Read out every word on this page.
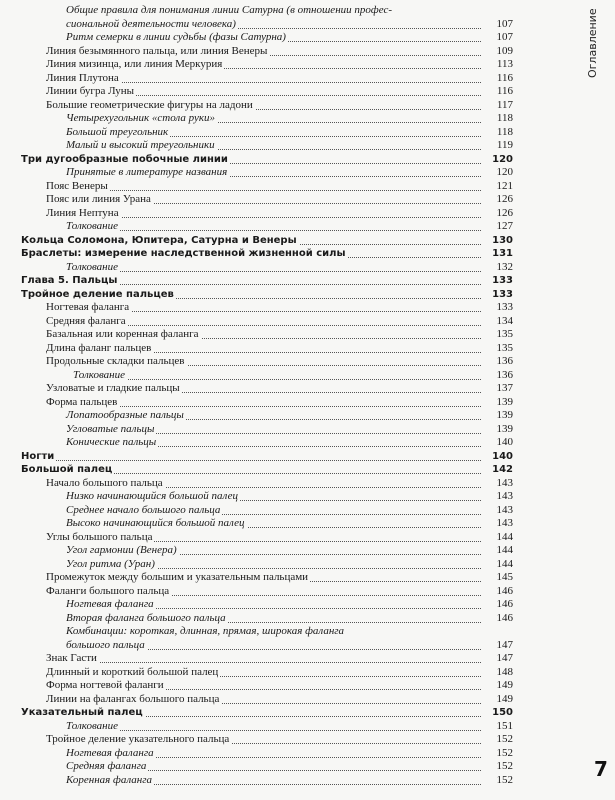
Общие правила для понимания линии Сатурна (в отношении профес-
сиональной деятельности человека)	107
Ритм семерки в линии судьбы (фазы Сатурна)	107
Линия безымянного пальца, или линия Венеры	109
Линия мизинца, или линия Меркурия	113
Линия Плутона	116
Линии бугра Луны	116
Большие геометрические фигуры на ладони	117
Четырехугольник «стола руки»	118
Большой треугольник	118
Малый и высокий треугольники	119
Три дугообразные побочные линии	120
Принятые в литературе названия	120
Пояс Венеры	121
Пояс или линия Урана	126
Линия Нептуна	126
Толкование	127
Кольца Соломона, Юпитера, Сатурна и Венеры	130
Браслеты: измерение наследственной жизненной силы	131
Толкование	132
Глава 5. Пальцы	133
Тройное деление пальцев	133
Ногтевая фаланга	133
Средняя фаланга	134
Базальная или коренная фаланга	135
Длина фаланг пальцев	135
Продольные складки пальцев	136
Толкование	136
Узловатые и гладкие пальцы	137
Форма пальцев	139
Лопатообразные пальцы	139
Угловатые пальцы	139
Конические пальцы	140
Ногти	140
Большой палец	142
Начало большого пальца	143
Низко начинающийся большой палец	143
Среднее начало большого пальца	143
Высоко начинающийся большой палец	143
Углы большого пальца	144
Угол гармонии (Венера)	144
Угол ритма (Уран)	144
Промежуток между большим и указательным пальцами	145
Фаланги большого пальца	146
Ногтевая фаланга	146
Вторая фаланга большого пальца	146
Комбинации: короткая, длинная, прямая, широкая фаланга
большого пальца	147
Знак Гасти	147
Длинный и короткий большой палец	148
Форма ногтевой фаланги	149
Линии на фалангах большого пальца	149
Указательный палец	150
Толкование	151
Тройное деление указательного пальца	152
Ногтевая фаланга	152
Средняя фаланга	152
Коренная фаланга	152
Оглавление
7
